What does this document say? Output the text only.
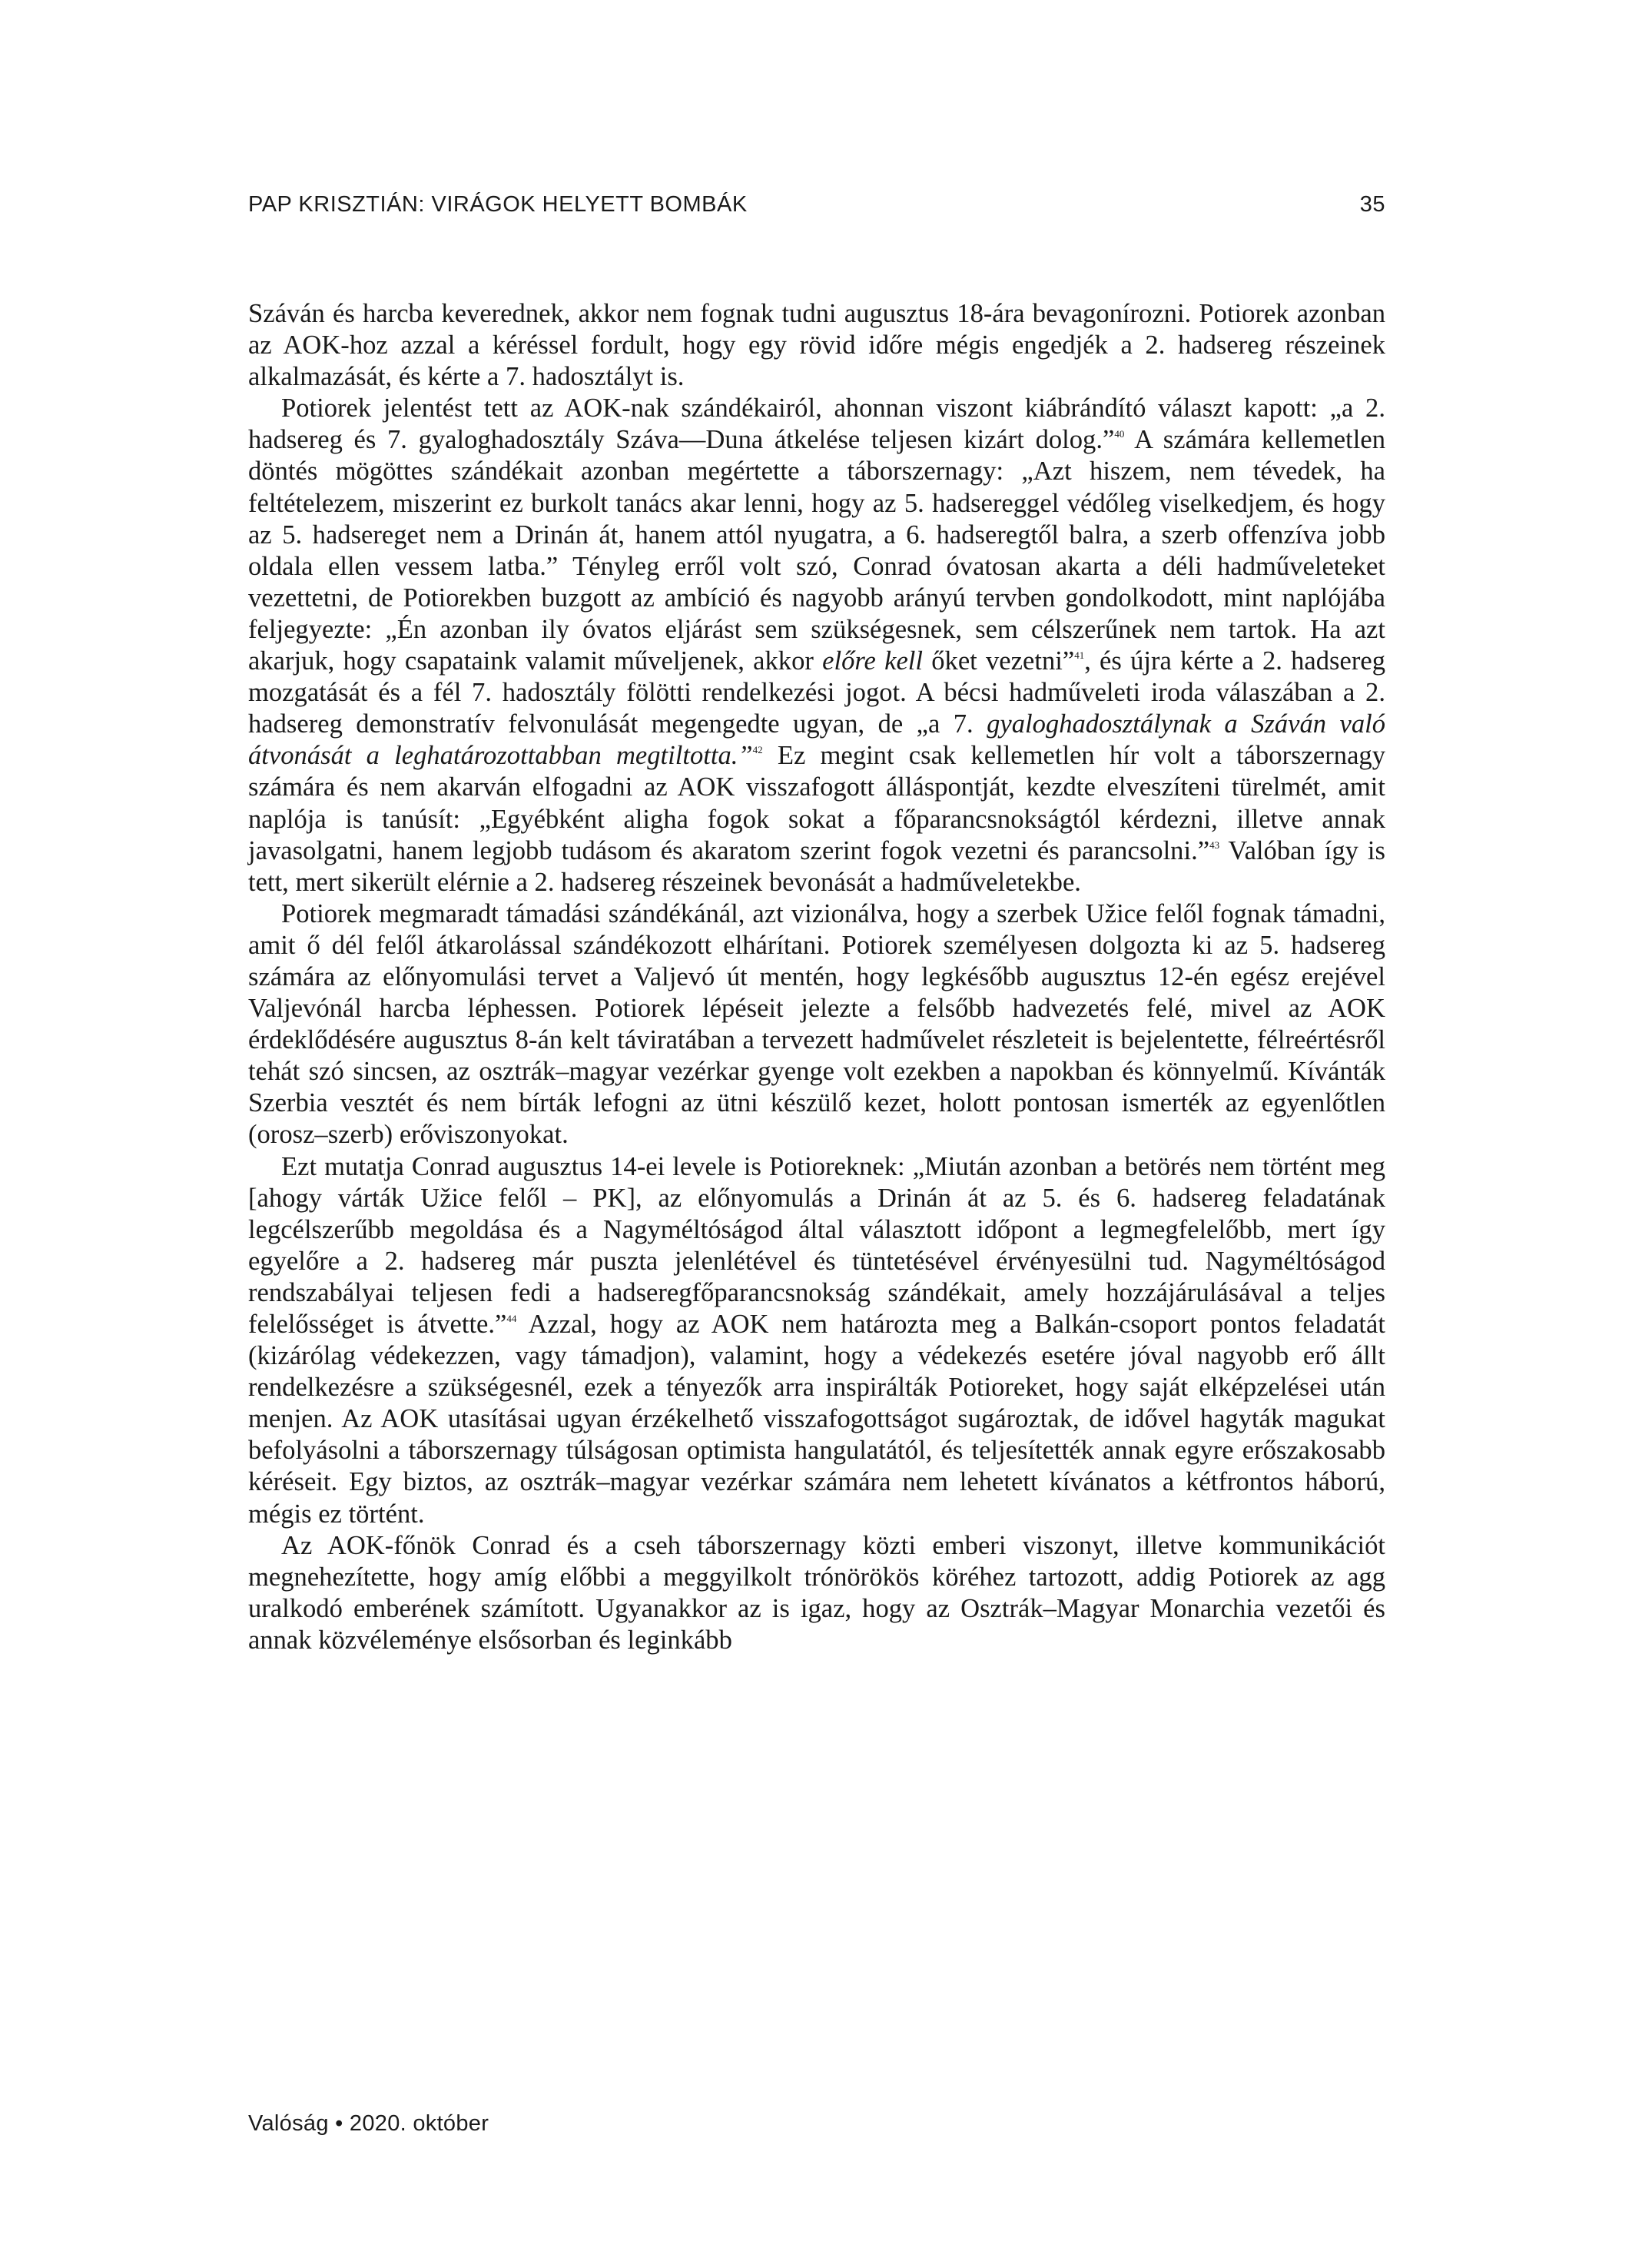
PAP KRISZTIÁN: VIRÁGOK HELYETT BOMBÁK	35

Száván és harcba keverednek, akkor nem fognak tudni augusztus 18-ára bevagonírozni. Potiorek azonban az AOK-hoz azzal a kéréssel fordult, hogy egy rövid időre mégis engedjék a 2. hadsereg részeinek alkalmazását, és kérte a 7. hadosztályt is.

Potiorek jelentést tett az AOK-nak szándékairól, ahonnan viszont kiábrándító választ kapott: „a 2. hadsereg és 7. gyaloghadosztály Száva—Duna átkelése teljesen kizárt dolog.”$^{40}$ A számára kellemetlen döntés mögöttes szándékait azonban megértette a táborszernagy: „Azt hiszem, nem tévedek, ha feltételezem, miszerint ez burkolt tanács akar lenni, hogy az 5. hadsereggel védőleg viselkedjem, és hogy az 5. hadsereget nem a Drinán át, hanem attól nyugatra, a 6. hadseregtől balra, a szerb offenzíva jobb oldala ellen vessem latba.” Tényleg erről volt szó, Conrad óvatosan akarta a déli hadműveleteket vezettetni, de Potiorekben buzgott az ambíció és nagyobb arányú tervben gondolkodott, mint naplójába feljegyezte: „Én azonban ily óvatos eljárást sem szükségesnek, sem célszerűnek nem tartok. Ha azt akarjuk, hogy csapataink valamit műveljenek, akkor előre kell őket vezetni”$^{41}$, és újra kérte a 2. hadsereg mozgatását és a fél 7. hadosztály fölötti rendelkezési jogot. A bécsi hadműveleti iroda válaszában a 2. hadsereg demonstratív felvonulását megengedte ugyan, de „a 7. gyaloghadosztálynak a Száván való átvonását a leghatározottabban megtiltotta.”$^{42}$ Ez megint csak kellemetlen hír volt a táborszernagy számára és nem akarván elfogadni az AOK visszafogott álláspontját, kezdte elveszíteni türelmét, amit naplója is tanúsít: „Egyébként aligha fogok sokat a főparancsnokságtól kérdezni, illetve annak javasolgatni, hanem legjobb tudásom és akaratom szerint fogok vezetni és parancsolni.”$^{43}$ Valóban így is tett, mert sikerült elérnie a 2. hadsereg részeinek bevonását a hadműveletekbe.

Potiorek megmaradt támadási szándékánál, azt vizionálva, hogy a szerbek Užice felől fognak támadni, amit ő dél felől átkarolással szándékozott elhárítani. Potiorek személyesen dolgozta ki az 5. hadsereg számára az előnyomulási tervet a Valjevó út mentén, hogy legkésőbb augusztus 12-én egész erejével Valjevónál harcba léphessen. Potiorek lépéseit jelezte a felsőbb hadvezetés felé, mivel az AOK érdeklődésére augusztus 8-án kelt táviratában a tervezett hadművelet részleteit is bejelentette, félreértésről tehát szó sincsen, az osztrák–magyar vezérkar gyenge volt ezekben a napokban és könnyelmű. Kívánták Szerbia vesztét és nem bírták lefogni az ütni készülő kezet, holott pontosan ismerték az egyenlőtlen (orosz–szerb) erőviszonyokat.

Ezt mutatja Conrad augusztus 14-ei levele is Potioreknek: „Miután azonban a betörés nem történt meg [ahogy várták Užice felől – PK], az előnyomulás a Drinán át az 5. és 6. hadsereg feladatának legcélszerűbb megoldása és a Nagyméltóságod által választott időpont a legmegfelelőbb, mert így egyelőre a 2. hadsereg már puszta jelenlétével és tüntetésével érvényesülni tud. Nagyméltóságod rendszabályai teljesen fedi a hadseregfőparancsnokság szándékait, amely hozzájárulásával a teljes felelősséget is átvette.”$^{44}$ Azzal, hogy az AOK nem határozta meg a Balkán-csoport pontos feladatát (kizárólag védekezzen, vagy támadjon), valamint, hogy a védekezés esetére jóval nagyobb erő állt rendelkezésre a szükségesnél, ezek a tényezők arra inspirálták Potioreket, hogy saját elképzelései után menjen. Az AOK utasításai ugyan érzékelhető visszafogottságot sugároztak, de idővel hagyták magukat befolyásolni a táborszernagy túlságosan optimista hangulatától, és teljesítették annak egyre erőszakosabb kéréseit. Egy biztos, az osztrák–magyar vezérkar számára nem lehetett kívánatos a kétfrontos háború, mégis ez történt.

Az AOK-főnök Conrad és a cseh táborszernagy közti emberi viszonyt, illetve kommunikációt megnehezítette, hogy amíg előbbi a meggyilkolt trónörökös köréhez tartozott, addig Potiorek az agg uralkodó emberének számított. Ugyanakkor az is igaz, hogy az Osztrák–Magyar Monarchia vezetői és annak közvéleménye elsősorban és leginkább

Valóság • 2020. október
